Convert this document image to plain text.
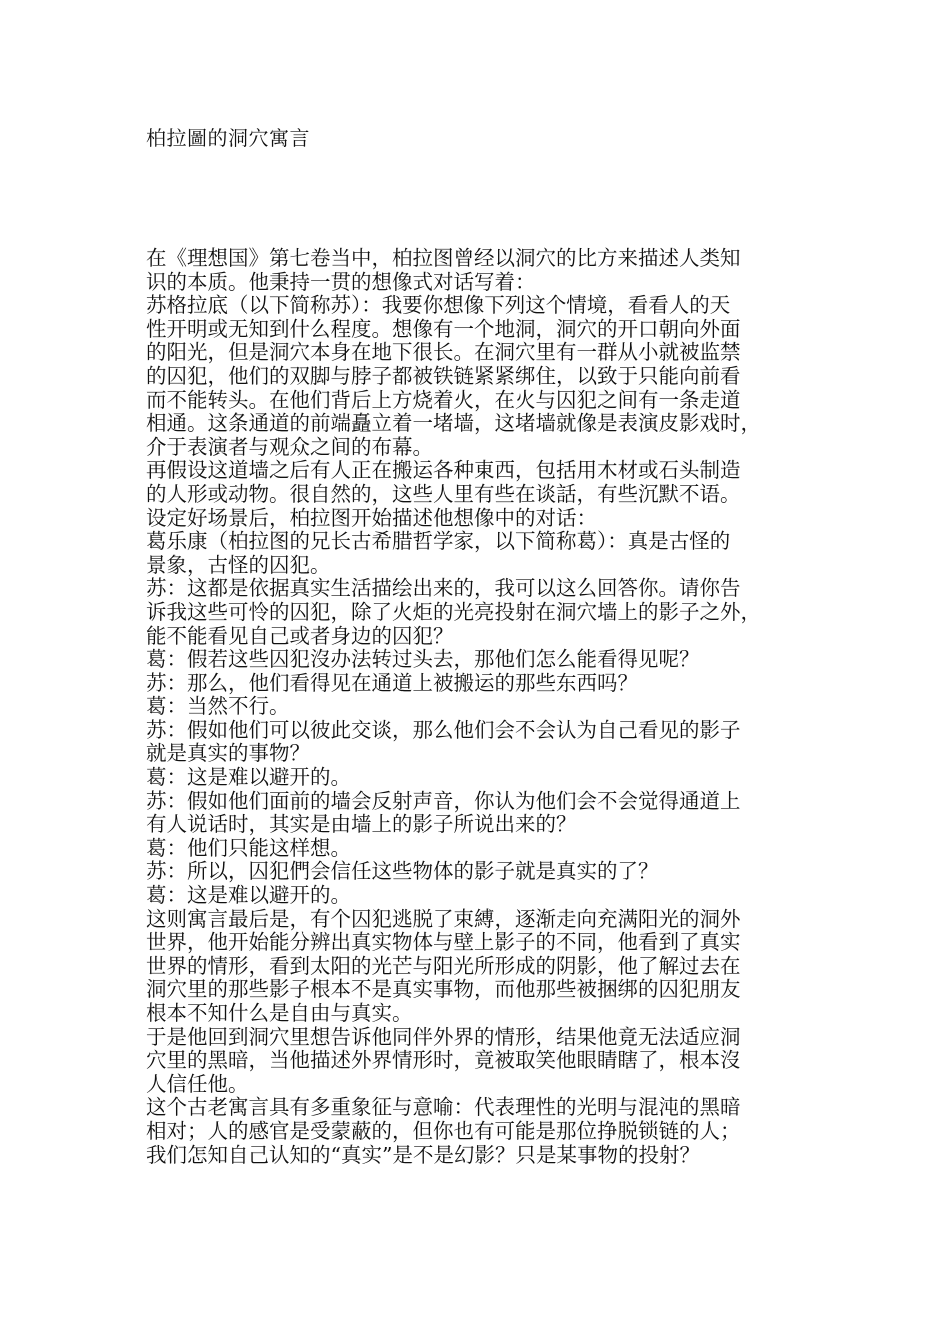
柏拉圖的洞穴寓言

在《理想国》第七卷当中，柏拉图曾经以洞穴的比方来描述人类知

识的本质。他秉持一贯的想像式对话写着：

苏格拉底（以下简称苏）：我要你想像下列这个情境，看看人的天

性开明或无知到什么程度。想像有一个地洞，洞穴的开口朝向外面

的阳光，但是洞穴本身在地下很长。在洞穴里有一群从小就被监禁

的囚犯，他们的双脚与脖子都被铁链紧紧绑住，以致于只能向前看

而不能转头。在他们背后上方烧着火，在火与囚犯之间有一条走道

相通。这条通道的前端矗立着一堵墙，这堵墙就像是表演皮影戏时，

介于表演者与观众之间的布幕。

再假设这道墙之后有人正在搬运各种東西，包括用木材或石头制造

的人形或动物。很自然的，这些人里有些在谈話，有些沉默不语。

设定好场景后，柏拉图开始描述他想像中的对话：

葛乐康（柏拉图的兄长古希腊哲学家，以下简称葛）：真是古怪的

景象，古怪的囚犯。

苏：这都是依据真实生活描绘出来的，我可以这么回答你。请你告

诉我这些可怜的囚犯，除了火炬的光亮投射在洞穴墙上的影子之外，

能不能看见自己或者身边的囚犯？

葛：假若这些囚犯沒办法转过头去，那他们怎么能看得见呢？

苏：那么，他们看得见在通道上被搬运的那些东西吗？

葛：当然不行。

苏：假如他们可以彼此交谈，那么他们会不会认为自己看见的影子

就是真实的事物？

葛：这是难以避开的。

苏：假如他们面前的墙会反射声音，你认为他们会不会觉得通道上

有人说话时，其实是由墙上的影子所说出来的？

葛：他们只能这样想。

苏：所以，囚犯們会信任这些物体的影子就是真实的了？

葛：这是难以避开的。

这则寓言最后是，有个囚犯逃脱了束縛，逐渐走向充满阳光的洞外

世界，他开始能分辨出真实物体与壁上影子的不同，他看到了真实

世界的情形，看到太阳的光芒与阳光所形成的阴影，他了解过去在

洞穴里的那些影子根本不是真实事物，而他那些被捆绑的囚犯朋友

根本不知什么是自由与真实。

于是他回到洞穴里想告诉他同伴外界的情形，结果他竟无法适应洞

穴里的黑暗，当他描述外界情形时，竟被取笑他眼睛瞎了，根本沒

人信任他。

这个古老寓言具有多重象征与意喻：代表理性的光明与混沌的黑暗

相对；人的感官是受蒙蔽的，但你也有可能是那位挣脱锁链的人；

我们怎知自己认知的“真实”是不是幻影？只是某事物的投射？
